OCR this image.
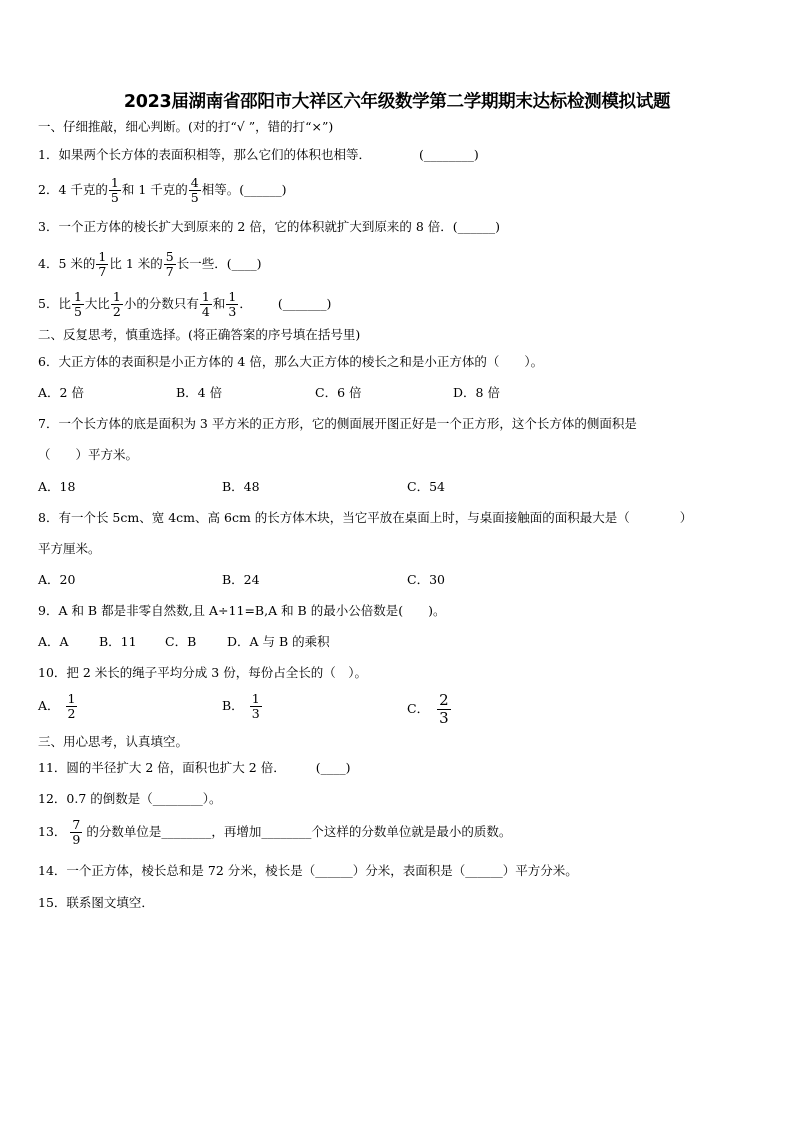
2023届湖南省邵阳市大祥区六年级数学第二学期期末达标检测模拟试题
一、仔细推敲，细心判断。(对的打“√ ”，错的打“×”)
1．如果两个长方体的表面积相等，那么它们的体积也相等．	(________)
2．4 千克的 $\frac{1}{5}$ 和 1 千克的 $\frac{4}{5}$ 相等。(______)
3．一个正方体的棱长扩大到原来的 2 倍，它的体积就扩大到原来的 8 倍．(______)
4．5 米的 $\frac{1}{7}$ 比 1 米的 $\frac{5}{7}$ 长一些．(____)
5．比 $\frac{1}{5}$ 大比 $\frac{1}{2}$ 小的分数只有 $\frac{1}{4}$ 和 $\frac{1}{3}$ ． (_______)
二、反复思考，慎重选择。(将正确答案的序号填在括号里)
6．大正方体的表面积是小正方体的 4 倍，那么大正方体的棱长之和是小正方体的（　　）。
A．2 倍	B．4 倍	C．6 倍	D．8 倍
7．一个长方体的底是面积为 3 平方米的正方形，它的侧面展开图正好是一个正方形，这个长方体的侧面积是
（　　）平方米。
A．18	B．48	C．54
8．有一个长 5cm、宽 4cm、高 6cm 的长方体木块，当它平放在桌面上时，与桌面接触面的面积最大是（　　　　）
平方厘米。
A．20	B．24	C．30
9．A 和 B 都是非零自然数,且 A÷11=B,A 和 B 的最小公倍数是(　　)。
A．A B．11 C．B D．A 与 B 的乘积
10．把 2 米长的绳子平均分成 3 份，每份占全长的（　）。
A． $\frac{1}{2}$	B． $\frac{1}{3}$	C． $\frac{2}{3}$
三、用心思考，认真填空。
11．圆的半径扩大 2 倍，面积也扩大 2 倍． (____)
12．0.7 的倒数是（________）。
13． $\frac{7}{9}$ 的分数单位是________，再增加________个这样的分数单位就是最小的质数。
14．一个正方体，棱长总和是 72 分米，棱长是（______）分米，表面积是（______）平方分米。
15．联系图文填空．
